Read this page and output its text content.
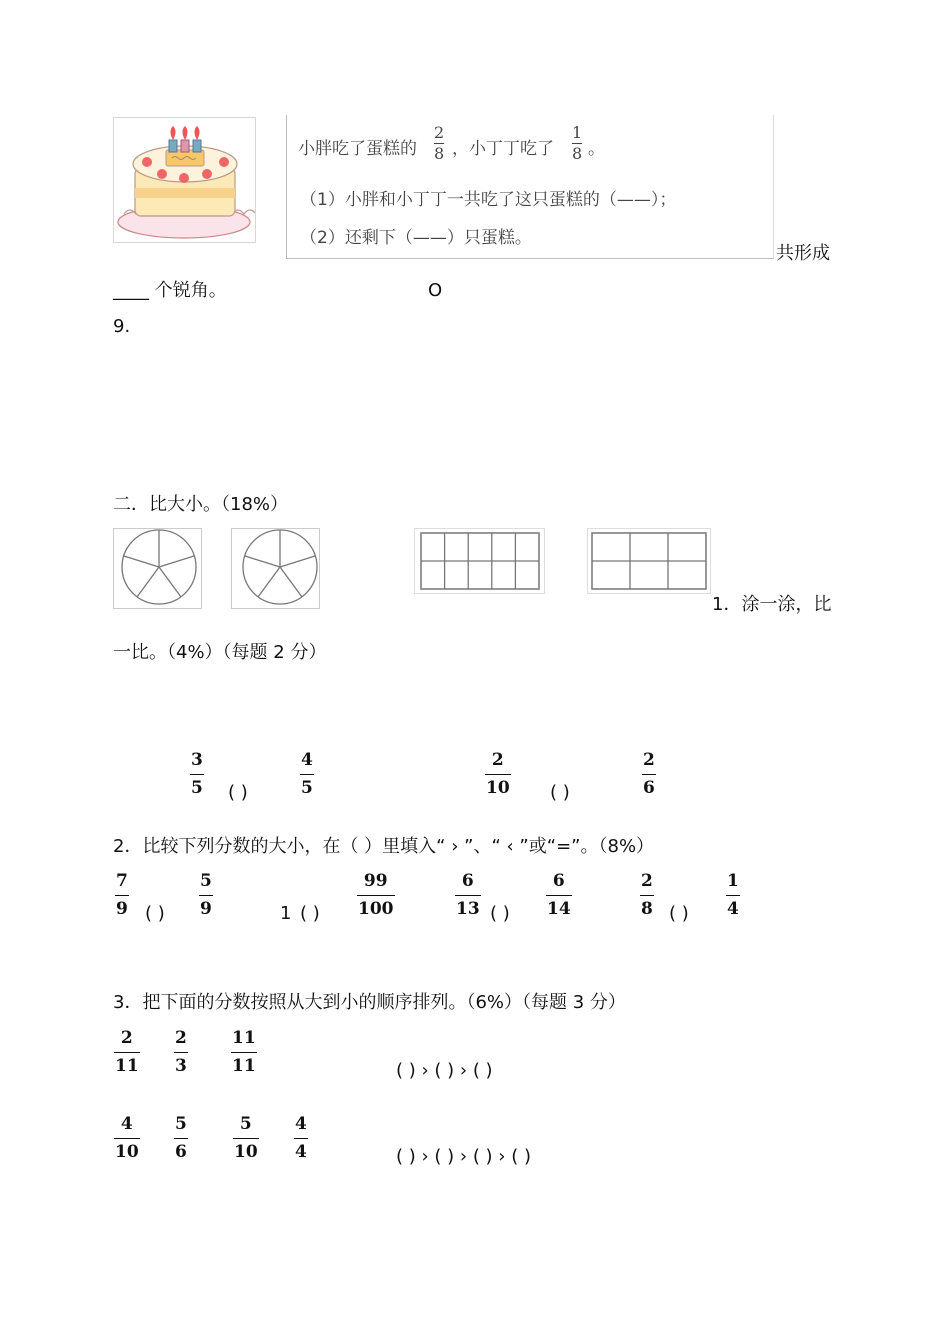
小胖吃了蛋糕的
2
8 ，小丁丁吃了
1
8 。
（1）小胖和小丁丁一共吃了这只蛋糕的（——）；
（2）还剩下（——）只蛋糕。
共形成
____ 个锐角。	O
9.
二．比大小。（18%）
1．涂一涂，比
一比。（4%）（每题 2 分）
3
5 ( )
4
5
2
10 ( )
2
6
2．比较下列分数的大小，在（ ）里填入“ › ”、“ ‹ ”或“=”。（8%）
7
9 ( )
5
9	1 ( )
99
100
6
13 ( )
6
14
2
8 ( )
1
4
3．把下面的分数按照从大到小的顺序排列。（6%）（每题 3 分）
2
11
2
3
11
11	( ) › ( ) › ( )
4
10
5
6
5
10
4
4	( ) › ( ) › ( ) › ( )
